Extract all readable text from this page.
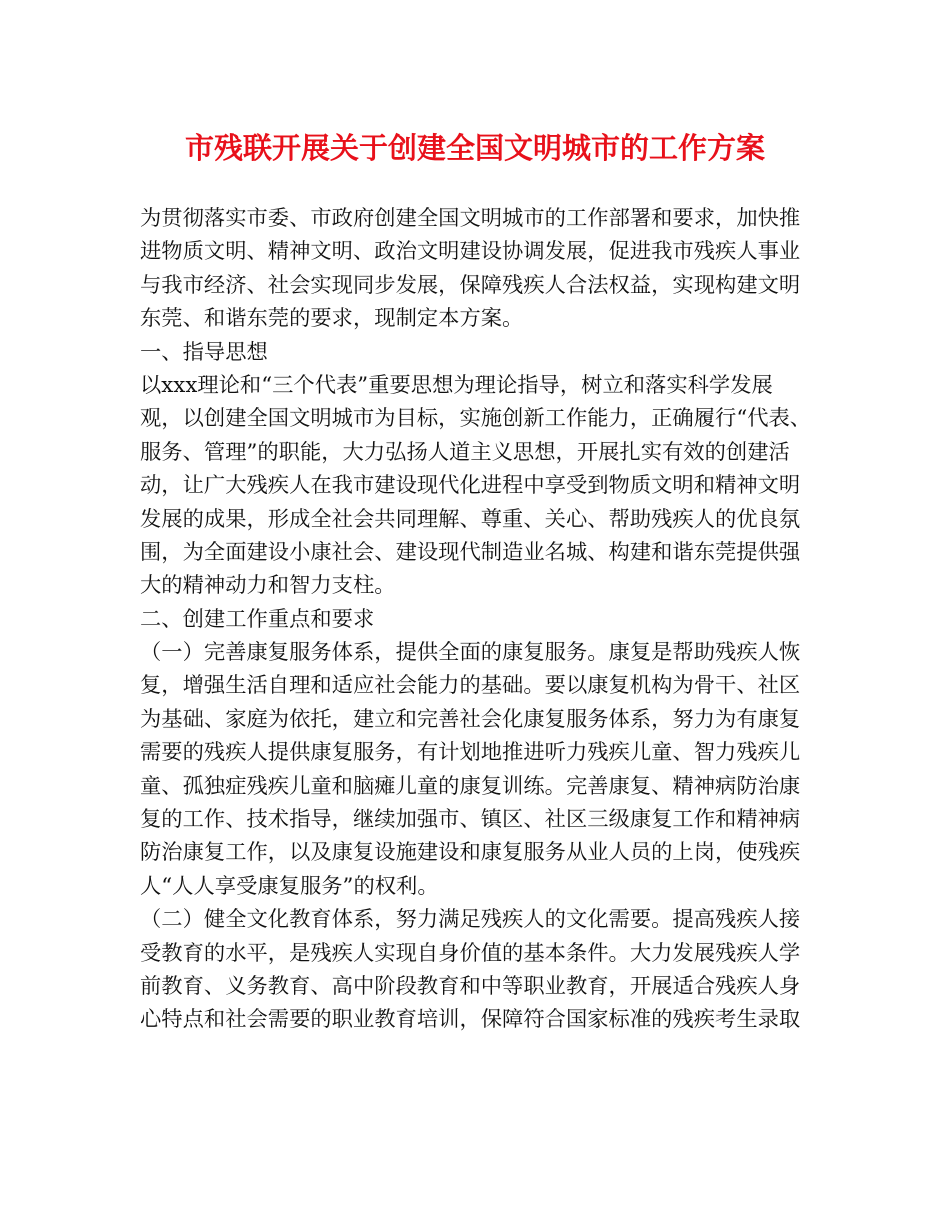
市残联开展关于创建全国文明城市的工作方案
为贯彻落实市委、市政府创建全国文明城市的工作部署和要求，加快推
进物质文明、精神文明、政治文明建设协调发展，促进我市残疾人事业
与我市经济、社会实现同步发展，保障残疾人合法权益，实现构建文明
东莞、和谐东莞的要求，现制定本方案。
一、指导思想
以xxx理论和“三个代表”重要思想为理论指导，树立和落实科学发展
观，以创建全国文明城市为目标，实施创新工作能力，正确履行“代表、
服务、管理”的职能，大力弘扬人道主义思想，开展扎实有效的创建活
动，让广大残疾人在我市建设现代化进程中享受到物质文明和精神文明
发展的成果，形成全社会共同理解、尊重、关心、帮助残疾人的优良氛
围，为全面建设小康社会、建设现代制造业名城、构建和谐东莞提供强
大的精神动力和智力支柱。
二、创建工作重点和要求
（一）完善康复服务体系，提供全面的康复服务。康复是帮助残疾人恢
复，增强生活自理和适应社会能力的基础。要以康复机构为骨干、社区
为基础、家庭为依托，建立和完善社会化康复服务体系，努力为有康复
需要的残疾人提供康复服务，有计划地推进听力残疾儿童、智力残疾儿
童、孤独症残疾儿童和脑瘫儿童的康复训练。完善康复、精神病防治康
复的工作、技术指导，继续加强市、镇区、社区三级康复工作和精神病
防治康复工作，以及康复设施建设和康复服务从业人员的上岗，使残疾
人“人人享受康复服务”的权利。
（二）健全文化教育体系，努力满足残疾人的文化需要。提高残疾人接
受教育的水平，是残疾人实现自身价值的基本条件。大力发展残疾人学
前教育、义务教育、高中阶段教育和中等职业教育，开展适合残疾人身
心特点和社会需要的职业教育培训，保障符合国家标准的残疾考生录取
